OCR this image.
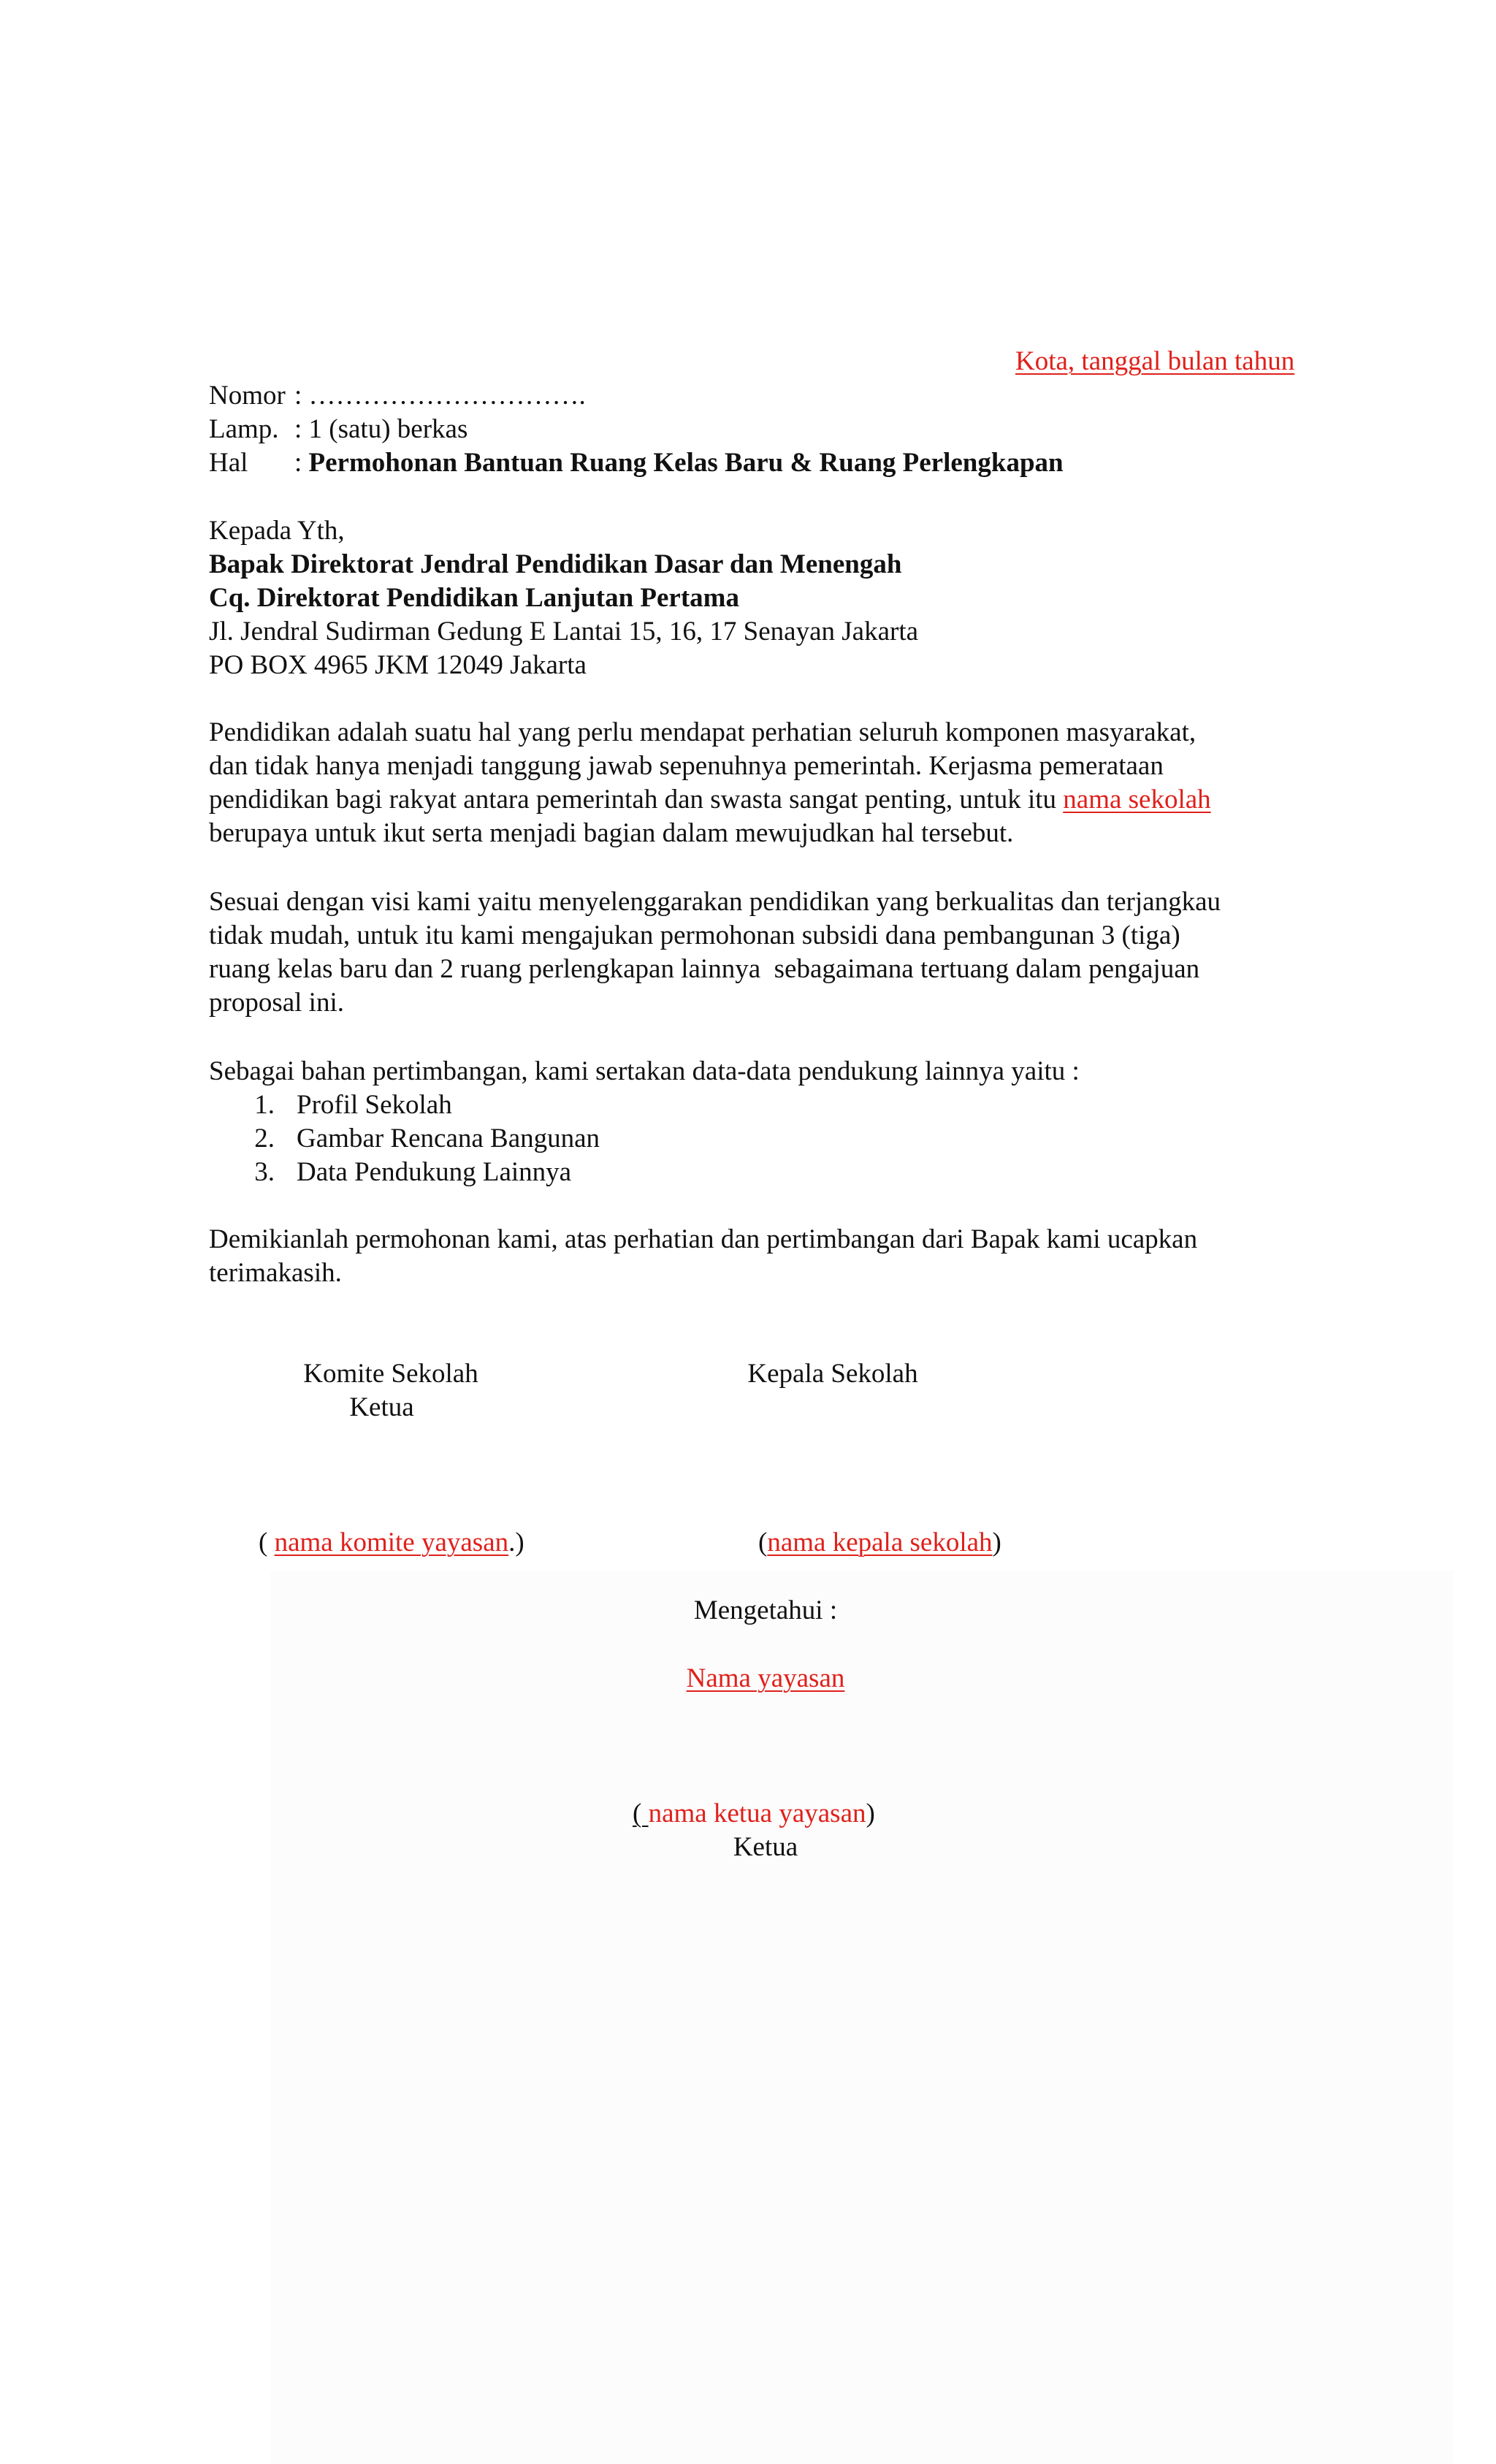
Kota, tanggal bulan tahun
Nomor : ………………………….
Lamp. : 1 (satu) berkas
Hal : Permohonan Bantuan Ruang Kelas Baru & Ruang Perlengkapan
Kepada Yth,
Bapak Direktorat Jendral Pendidikan Dasar dan Menengah
Cq. Direktorat Pendidikan Lanjutan Pertama
Jl. Jendral Sudirman Gedung E Lantai 15, 16, 17 Senayan Jakarta
PO BOX 4965 JKM 12049 Jakarta
Pendidikan adalah suatu hal yang perlu mendapat perhatian seluruh komponen masyarakat,
dan tidak hanya menjadi tanggung jawab sepenuhnya pemerintah. Kerjasma pemerataan
pendidikan bagi rakyat antara pemerintah dan swasta sangat penting, untuk itu nama sekolah
berupaya untuk ikut serta menjadi bagian dalam mewujudkan hal tersebut.
Sesuai dengan visi kami yaitu menyelenggarakan pendidikan yang berkualitas dan terjangkau
tidak mudah, untuk itu kami mengajukan permohonan subsidi dana pembangunan 3 (tiga)
ruang kelas baru dan 2 ruang perlengkapan lainnya  sebagaimana tertuang dalam pengajuan
proposal ini.
Sebagai bahan pertimbangan, kami sertakan data-data pendukung lainnya yaitu :
1. Profil Sekolah
2. Gambar Rencana Bangunan
3. Data Pendukung Lainnya
Demikianlah permohonan kami, atas perhatian dan pertimbangan dari Bapak kami ucapkan
terimakasih.
Komite Sekolah
Ketua
Kepala Sekolah
( nama komite yayasan.)	(nama kepala sekolah)
Mengetahui :
Nama yayasan
( nama ketua yayasan)
Ketua
